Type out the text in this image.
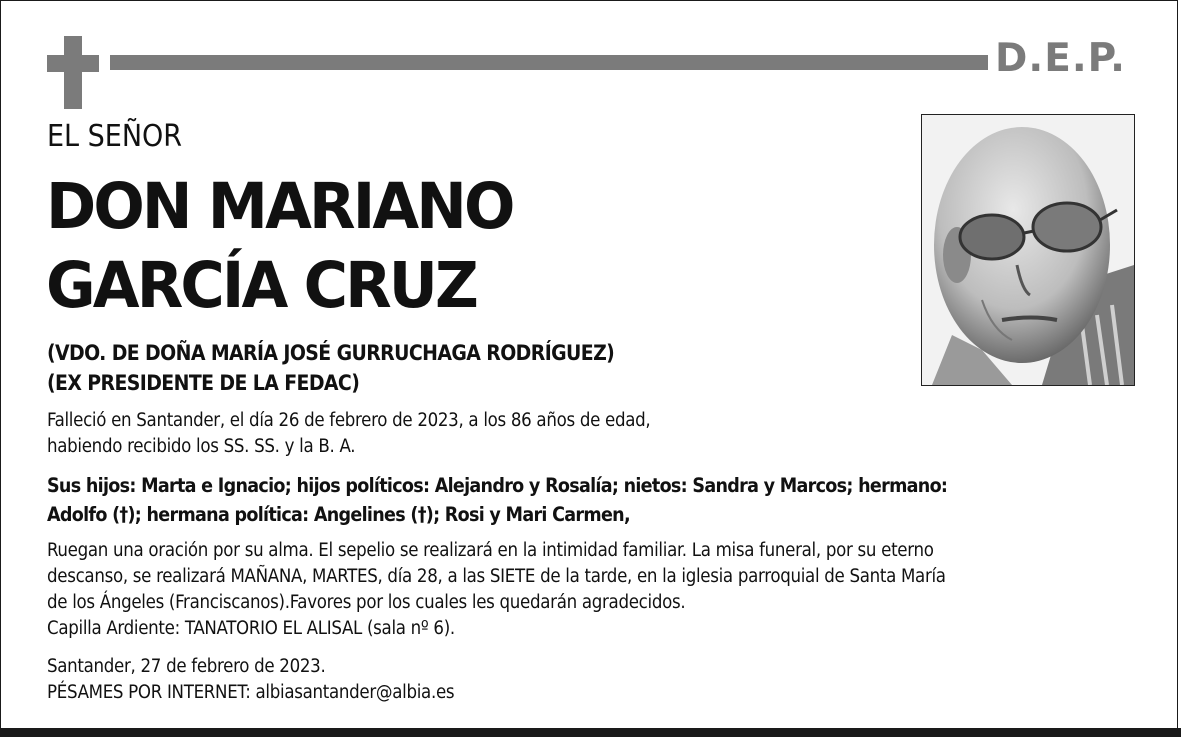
D.E.P.
EL SEÑOR
DON MARIANO
GARCÍA CRUZ
(VDO. DE DOÑA MARÍA JOSÉ GURRUCHAGA RODRÍGUEZ)
(EX PRESIDENTE DE LA FEDAC)
Falleció en Santander, el día 26 de febrero de 2023, a los 86 años de edad,
habiendo recibido los SS. SS. y la B. A.
Sus hijos: Marta e Ignacio; hijos políticos: Alejandro y Rosalía; nietos: Sandra y Marcos; hermano:
Adolfo (†); hermana política: Angelines (†); Rosi y Mari Carmen,
Ruegan una oración por su alma. El sepelio se realizará en la intimidad familiar. La misa funeral, por su eterno
descanso, se realizará MAÑANA, MARTES, día 28, a las SIETE de la tarde, en la iglesia parroquial de Santa María
de los Ángeles (Franciscanos).Favores por los cuales les quedarán agradecidos.
Capilla Ardiente: TANATORIO EL ALISAL (sala nº 6).
Santander, 27 de febrero de 2023.
PÉSAMES POR INTERNET: albiasantander@albia.es
